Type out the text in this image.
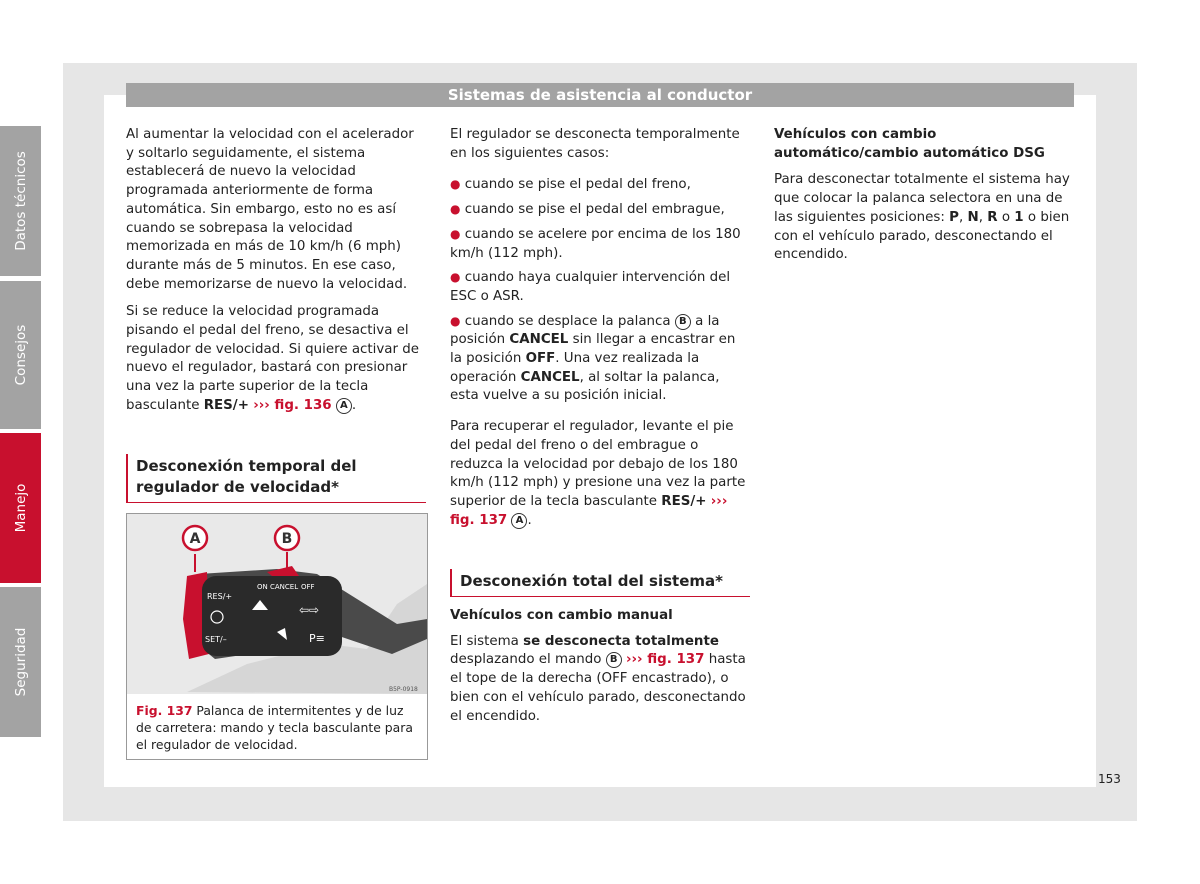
Sistemas de asistencia al conductor

Al aumentar la velocidad con el acelerador y soltarlo seguidamente, el sistema establecerá de nuevo la velocidad programada anteriormente de forma automática. Sin embargo, esto no es así cuando se sobrepasa la velocidad memorizada en más de 10 km/h (6 mph) durante más de 5 minutos. En ese caso, debe memorizarse de nuevo la velocidad.

Si se reduce la velocidad programada pisando el pedal del freno, se desactiva el regulador de velocidad. Si quiere activar de nuevo el regulador, bastará con presionar una vez la parte superior de la tecla basculante RES/+ ››› fig. 136 A .

Desconexión temporal del regulador de velocidad*
ON CANCEL OFF
RES/+
SET/–
⇦⇨
P≡
A	B
B5P-0918
Fig. 137 Palanca de intermitentes y de luz de carretera: mando y tecla basculante para el regulador de velocidad.

El regulador se desconecta temporalmente en los siguientes casos:

● cuando se pise el pedal del freno,
● cuando se pise el pedal del embrague,
● cuando se acelere por encima de los 180 km/h (112 mph).
● cuando haya cualquier intervención del ESC o ASR.
● cuando se desplace la palanca B a la posición CANCEL sin llegar a encastrar en la posición OFF. Una vez realizada la operación CANCEL, al soltar la palanca, esta vuelve a su posición inicial.

Para recuperar el regulador, levante el pie del pedal del freno o del embrague o reduzca la velocidad por debajo de los 180 km/h (112 mph) y presione una vez la parte superior de la tecla basculante RES/+ ››› fig. 137 A .

Desconexión total del sistema*

Vehículos con cambio manual

El sistema se desconecta totalmente desplazando el mando B ››› fig. 137 hasta el tope de la derecha (OFF encastrado), o bien con el vehículo parado, desconectando el encendido.

Vehículos con cambio automático/cambio automático DSG

Para desconectar totalmente el sistema hay que colocar la palanca selectora en una de las siguientes posiciones: P, N, R o 1 o bien con el vehículo parado, desconectando el encendido.

Datos técnicos
Consejos
Manejo
Seguridad
153
